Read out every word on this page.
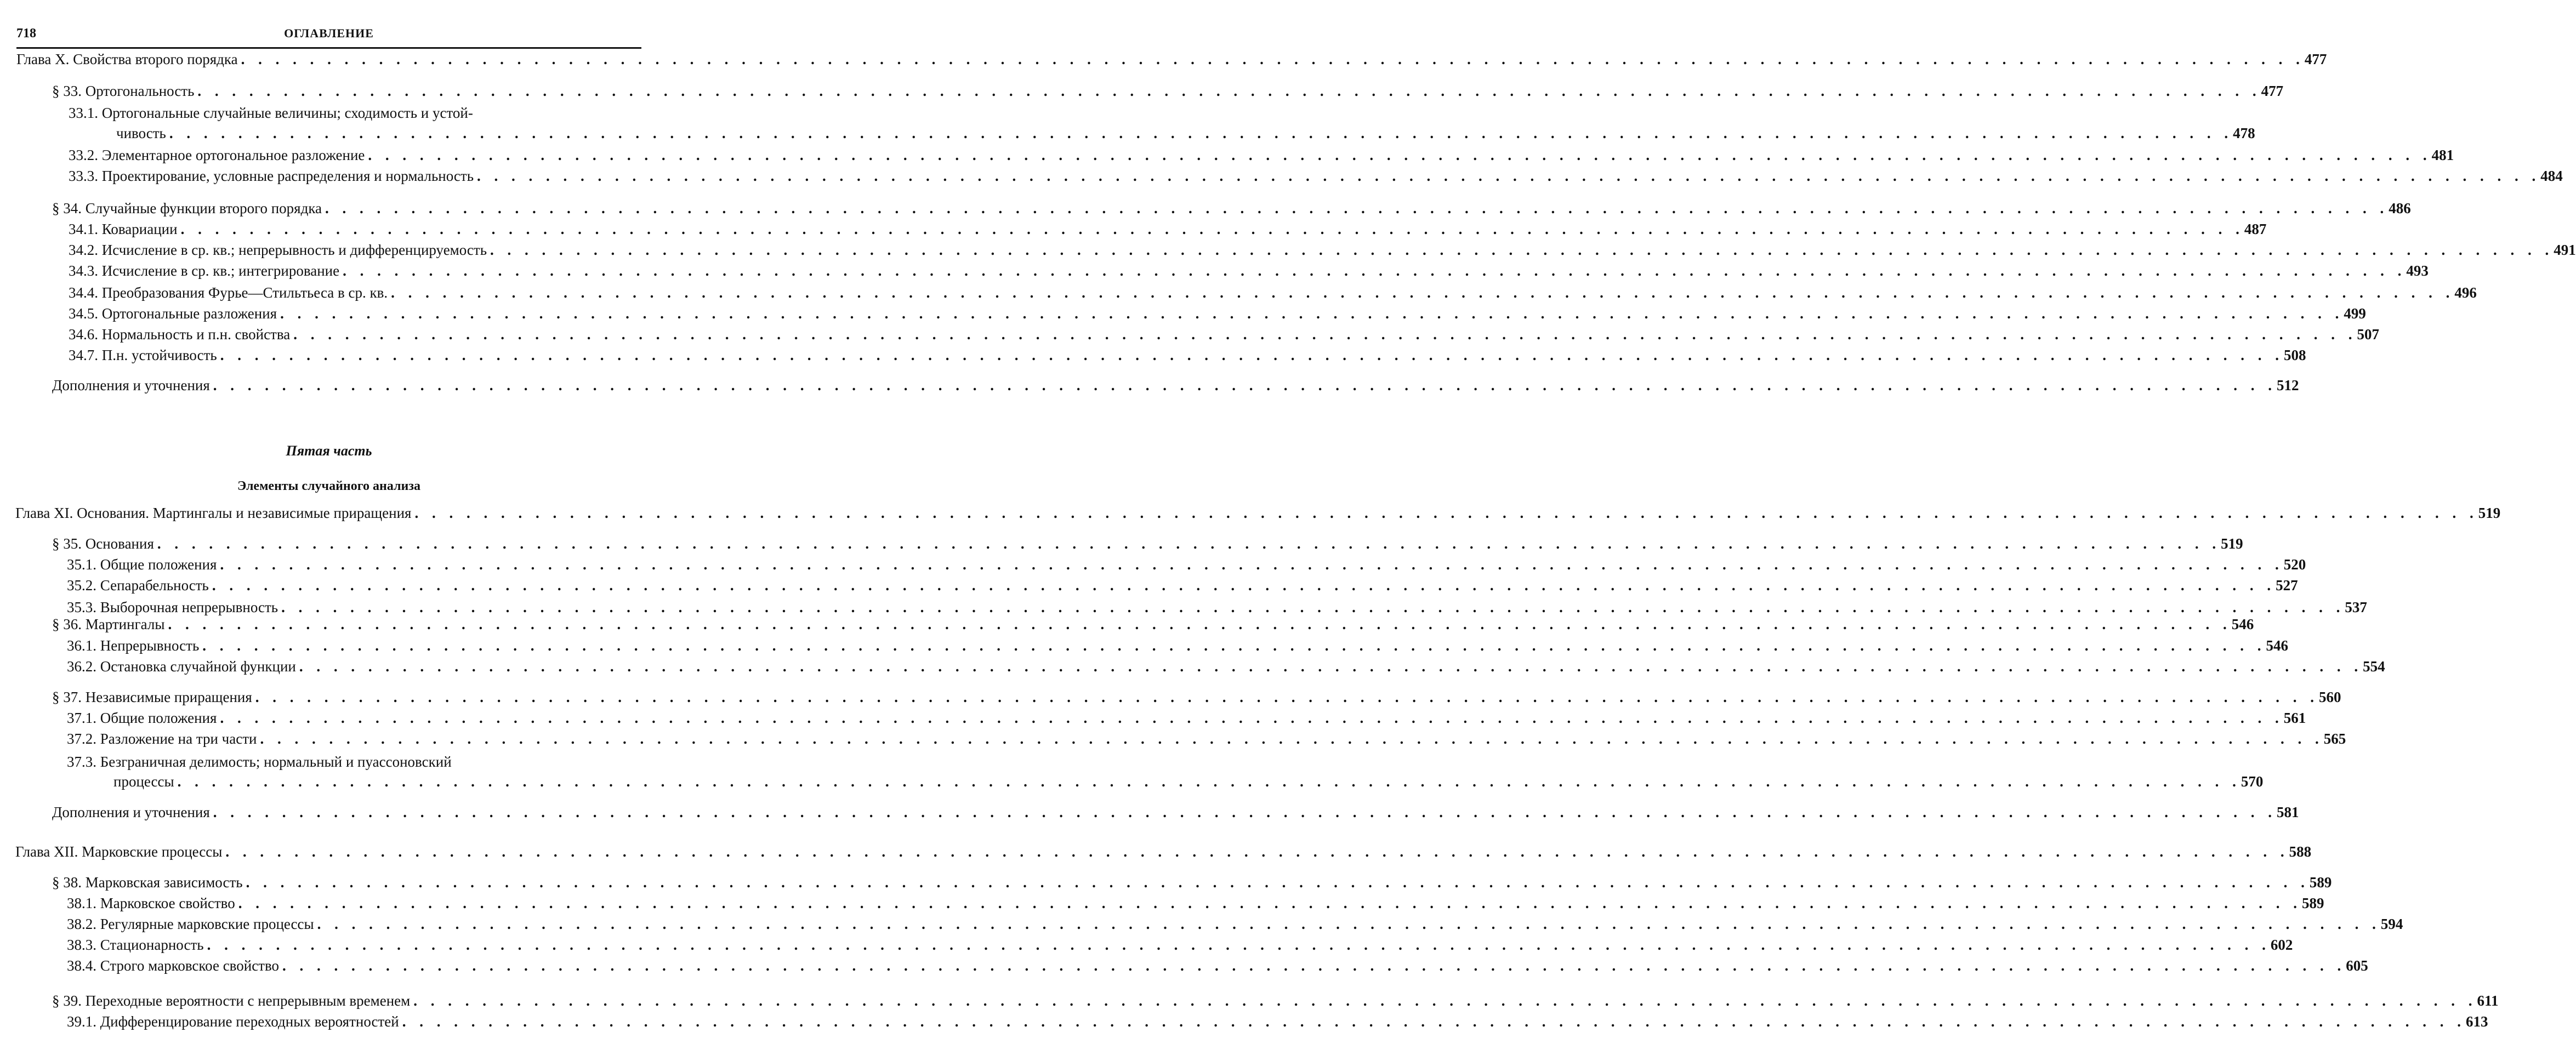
718	ОГЛАВЛЕНИЕ
Глава X. Свойства второго порядка . . . . . . . . . . . . . . . . . . . . . . . . . . . . . . . . . . . . . . . . . . . . . . . . . . . . . . . . . . . . . . . . . . . . . . . . . . . . . . . . . . . . . . . . . . . . . . . . . . . . . . . . . . . . . . . . . . . . . . . . 477
§ 33. Ортогональность . . . . . . . . . . . . . . . . . . . . . . . . . . . . . . . . . . . . . . . . . . . . . . . . . . . . . . . . . . . . . . . . . . . . . . . . . . . . . . . . . . . . . . . . . . . . . . . . . . . . . . . . . . . . . . . . . . . . . . . . 477
33.1. Ортогональные случайные величины; сходимость и устой-
чивость . . . . . . . . . . . . . . . . . . . . . . . . . . . . . . . . . . . . . . . . . . . . . . . . . . . . . . . . . . . . . . . . . . . . . . . . . . . . . . . . . . . . . . . . . . . . . . . . . . . . . . . . . . . . . . . . . . . . . . . . 478
33.2. Элементарное ортогональное разложение . . . . . . . . . . . . . . . . . . . . . . . . . . . . . . . . . . . . . . . . . . . . . . . . . . . . . . . . . . . . . . . . . . . . . . . . . . . . . . . . . . . . . . . . . . . . . . . . . . . . . . . . . . . . . . . . . . . . . . . . 481
33.3. Проектирование, условные распределения и нормальность . . . . . . . . . . . . . . . . . . . . . . . . . . . . . . . . . . . . . . . . . . . . . . . . . . . . . . . . . . . . . . . . . . . . . . . . . . . . . . . . . . . . . . . . . . . . . . . . . . . . . . . . . . . . . . . . . . . . . . . . 484
§ 34. Случайные функции второго порядка . . . . . . . . . . . . . . . . . . . . . . . . . . . . . . . . . . . . . . . . . . . . . . . . . . . . . . . . . . . . . . . . . . . . . . . . . . . . . . . . . . . . . . . . . . . . . . . . . . . . . . . . . . . . . . . . . . . . . . . . 486
34.1. Ковариации . . . . . . . . . . . . . . . . . . . . . . . . . . . . . . . . . . . . . . . . . . . . . . . . . . . . . . . . . . . . . . . . . . . . . . . . . . . . . . . . . . . . . . . . . . . . . . . . . . . . . . . . . . . . . . . . . . . . . . . . 487
34.2. Исчисление в ср. кв.; непрерывность и дифференцируемость . . . . . . . . . . . . . . . . . . . . . . . . . . . . . . . . . . . . . . . . . . . . . . . . . . . . . . . . . . . . . . . . . . . . . . . . . . . . . . . . . . . . . . . . . . . . . . . . . . . . . . . . . . . . . . . . . . . . . . . . 491
34.3. Исчисление в ср. кв.; интегрирование . . . . . . . . . . . . . . . . . . . . . . . . . . . . . . . . . . . . . . . . . . . . . . . . . . . . . . . . . . . . . . . . . . . . . . . . . . . . . . . . . . . . . . . . . . . . . . . . . . . . . . . . . . . . . . . . . . . . . . . . 493
34.4. Преобразования Фурье—Стильтьеса в ср. кв. . . . . . . . . . . . . . . . . . . . . . . . . . . . . . . . . . . . . . . . . . . . . . . . . . . . . . . . . . . . . . . . . . . . . . . . . . . . . . . . . . . . . . . . . . . . . . . . . . . . . . . . . . . . . . . . . . . . . . . . . 496
34.5. Ортогональные разложения . . . . . . . . . . . . . . . . . . . . . . . . . . . . . . . . . . . . . . . . . . . . . . . . . . . . . . . . . . . . . . . . . . . . . . . . . . . . . . . . . . . . . . . . . . . . . . . . . . . . . . . . . . . . . . . . . . . . . . . . 499
34.6. Нормальность и п.н. свойства . . . . . . . . . . . . . . . . . . . . . . . . . . . . . . . . . . . . . . . . . . . . . . . . . . . . . . . . . . . . . . . . . . . . . . . . . . . . . . . . . . . . . . . . . . . . . . . . . . . . . . . . . . . . . . . . . . . . . . . . 507
34.7. П.н. устойчивость . . . . . . . . . . . . . . . . . . . . . . . . . . . . . . . . . . . . . . . . . . . . . . . . . . . . . . . . . . . . . . . . . . . . . . . . . . . . . . . . . . . . . . . . . . . . . . . . . . . . . . . . . . . . . . . . . . . . . . . . 508
Дополнения и уточнения . . . . . . . . . . . . . . . . . . . . . . . . . . . . . . . . . . . . . . . . . . . . . . . . . . . . . . . . . . . . . . . . . . . . . . . . . . . . . . . . . . . . . . . . . . . . . . . . . . . . . . . . . . . . . . . . . . . . . . . . 512
Глава XI. Основания. Мартингалы и независимые приращения . . . . . . . . . . . . . . . . . . . . . . . . . . . . . . . . . . . . . . . . . . . . . . . . . . . . . . . . . . . . . . . . . . . . . . . . . . . . . . . . . . . . . . . . . . . . . . . . . . . . . . . . . . . . . . . . . . . . . . . . 519
§ 35. Основания . . . . . . . . . . . . . . . . . . . . . . . . . . . . . . . . . . . . . . . . . . . . . . . . . . . . . . . . . . . . . . . . . . . . . . . . . . . . . . . . . . . . . . . . . . . . . . . . . . . . . . . . . . . . . . . . . . . . . . . . 519
35.1. Общие положения . . . . . . . . . . . . . . . . . . . . . . . . . . . . . . . . . . . . . . . . . . . . . . . . . . . . . . . . . . . . . . . . . . . . . . . . . . . . . . . . . . . . . . . . . . . . . . . . . . . . . . . . . . . . . . . . . . . . . . . . 520
35.2. Сепарабельность . . . . . . . . . . . . . . . . . . . . . . . . . . . . . . . . . . . . . . . . . . . . . . . . . . . . . . . . . . . . . . . . . . . . . . . . . . . . . . . . . . . . . . . . . . . . . . . . . . . . . . . . . . . . . . . . . . . . . . . . 527
35.3. Выборочная непрерывность . . . . . . . . . . . . . . . . . . . . . . . . . . . . . . . . . . . . . . . . . . . . . . . . . . . . . . . . . . . . . . . . . . . . . . . . . . . . . . . . . . . . . . . . . . . . . . . . . . . . . . . . . . . . . . . . . . . . . . . . 537
§ 36. Мартингалы . . . . . . . . . . . . . . . . . . . . . . . . . . . . . . . . . . . . . . . . . . . . . . . . . . . . . . . . . . . . . . . . . . . . . . . . . . . . . . . . . . . . . . . . . . . . . . . . . . . . . . . . . . . . . . . . . . . . . . . . 546
36.1. Непрерывность . . . . . . . . . . . . . . . . . . . . . . . . . . . . . . . . . . . . . . . . . . . . . . . . . . . . . . . . . . . . . . . . . . . . . . . . . . . . . . . . . . . . . . . . . . . . . . . . . . . . . . . . . . . . . . . . . . . . . . . . 546
36.2. Остановка случайной функции . . . . . . . . . . . . . . . . . . . . . . . . . . . . . . . . . . . . . . . . . . . . . . . . . . . . . . . . . . . . . . . . . . . . . . . . . . . . . . . . . . . . . . . . . . . . . . . . . . . . . . . . . . . . . . . . . . . . . . . . 554
§ 37. Независимые приращения . . . . . . . . . . . . . . . . . . . . . . . . . . . . . . . . . . . . . . . . . . . . . . . . . . . . . . . . . . . . . . . . . . . . . . . . . . . . . . . . . . . . . . . . . . . . . . . . . . . . . . . . . . . . . . . . . . . . . . . . 560
37.1. Общие положения . . . . . . . . . . . . . . . . . . . . . . . . . . . . . . . . . . . . . . . . . . . . . . . . . . . . . . . . . . . . . . . . . . . . . . . . . . . . . . . . . . . . . . . . . . . . . . . . . . . . . . . . . . . . . . . . . . . . . . . . 561
37.2. Разложение на три части . . . . . . . . . . . . . . . . . . . . . . . . . . . . . . . . . . . . . . . . . . . . . . . . . . . . . . . . . . . . . . . . . . . . . . . . . . . . . . . . . . . . . . . . . . . . . . . . . . . . . . . . . . . . . . . . . . . . . . . . 565
37.3. Безграничная делимость; нормальный и пуассоновский
процессы . . . . . . . . . . . . . . . . . . . . . . . . . . . . . . . . . . . . . . . . . . . . . . . . . . . . . . . . . . . . . . . . . . . . . . . . . . . . . . . . . . . . . . . . . . . . . . . . . . . . . . . . . . . . . . . . . . . . . . . . 570
Дополнения и уточнения . . . . . . . . . . . . . . . . . . . . . . . . . . . . . . . . . . . . . . . . . . . . . . . . . . . . . . . . . . . . . . . . . . . . . . . . . . . . . . . . . . . . . . . . . . . . . . . . . . . . . . . . . . . . . . . . . . . . . . . . 581
Глава XII. Марковские процессы . . . . . . . . . . . . . . . . . . . . . . . . . . . . . . . . . . . . . . . . . . . . . . . . . . . . . . . . . . . . . . . . . . . . . . . . . . . . . . . . . . . . . . . . . . . . . . . . . . . . . . . . . . . . . . . . . . . . . . . . 588
§ 38. Марковская зависимость . . . . . . . . . . . . . . . . . . . . . . . . . . . . . . . . . . . . . . . . . . . . . . . . . . . . . . . . . . . . . . . . . . . . . . . . . . . . . . . . . . . . . . . . . . . . . . . . . . . . . . . . . . . . . . . . . . . . . . . . 589
38.1. Марковское свойство . . . . . . . . . . . . . . . . . . . . . . . . . . . . . . . . . . . . . . . . . . . . . . . . . . . . . . . . . . . . . . . . . . . . . . . . . . . . . . . . . . . . . . . . . . . . . . . . . . . . . . . . . . . . . . . . . . . . . . . . 589
38.2. Регулярные марковские процессы . . . . . . . . . . . . . . . . . . . . . . . . . . . . . . . . . . . . . . . . . . . . . . . . . . . . . . . . . . . . . . . . . . . . . . . . . . . . . . . . . . . . . . . . . . . . . . . . . . . . . . . . . . . . . . . . . . . . . . . . 594
38.3. Стационарность . . . . . . . . . . . . . . . . . . . . . . . . . . . . . . . . . . . . . . . . . . . . . . . . . . . . . . . . . . . . . . . . . . . . . . . . . . . . . . . . . . . . . . . . . . . . . . . . . . . . . . . . . . . . . . . . . . . . . . . . 602
38.4. Строго марковское свойство . . . . . . . . . . . . . . . . . . . . . . . . . . . . . . . . . . . . . . . . . . . . . . . . . . . . . . . . . . . . . . . . . . . . . . . . . . . . . . . . . . . . . . . . . . . . . . . . . . . . . . . . . . . . . . . . . . . . . . . . 605
§ 39. Переходные вероятности с непрерывным временем . . . . . . . . . . . . . . . . . . . . . . . . . . . . . . . . . . . . . . . . . . . . . . . . . . . . . . . . . . . . . . . . . . . . . . . . . . . . . . . . . . . . . . . . . . . . . . . . . . . . . . . . . . . . . . . . . . . . . . . . 611
39.1. Дифференцирование переходных вероятностей . . . . . . . . . . . . . . . . . . . . . . . . . . . . . . . . . . . . . . . . . . . . . . . . . . . . . . . . . . . . . . . . . . . . . . . . . . . . . . . . . . . . . . . . . . . . . . . . . . . . . . . . . . . . . . . . . . . . . . . . 613
Пятая часть
Элементы случайного анализа
